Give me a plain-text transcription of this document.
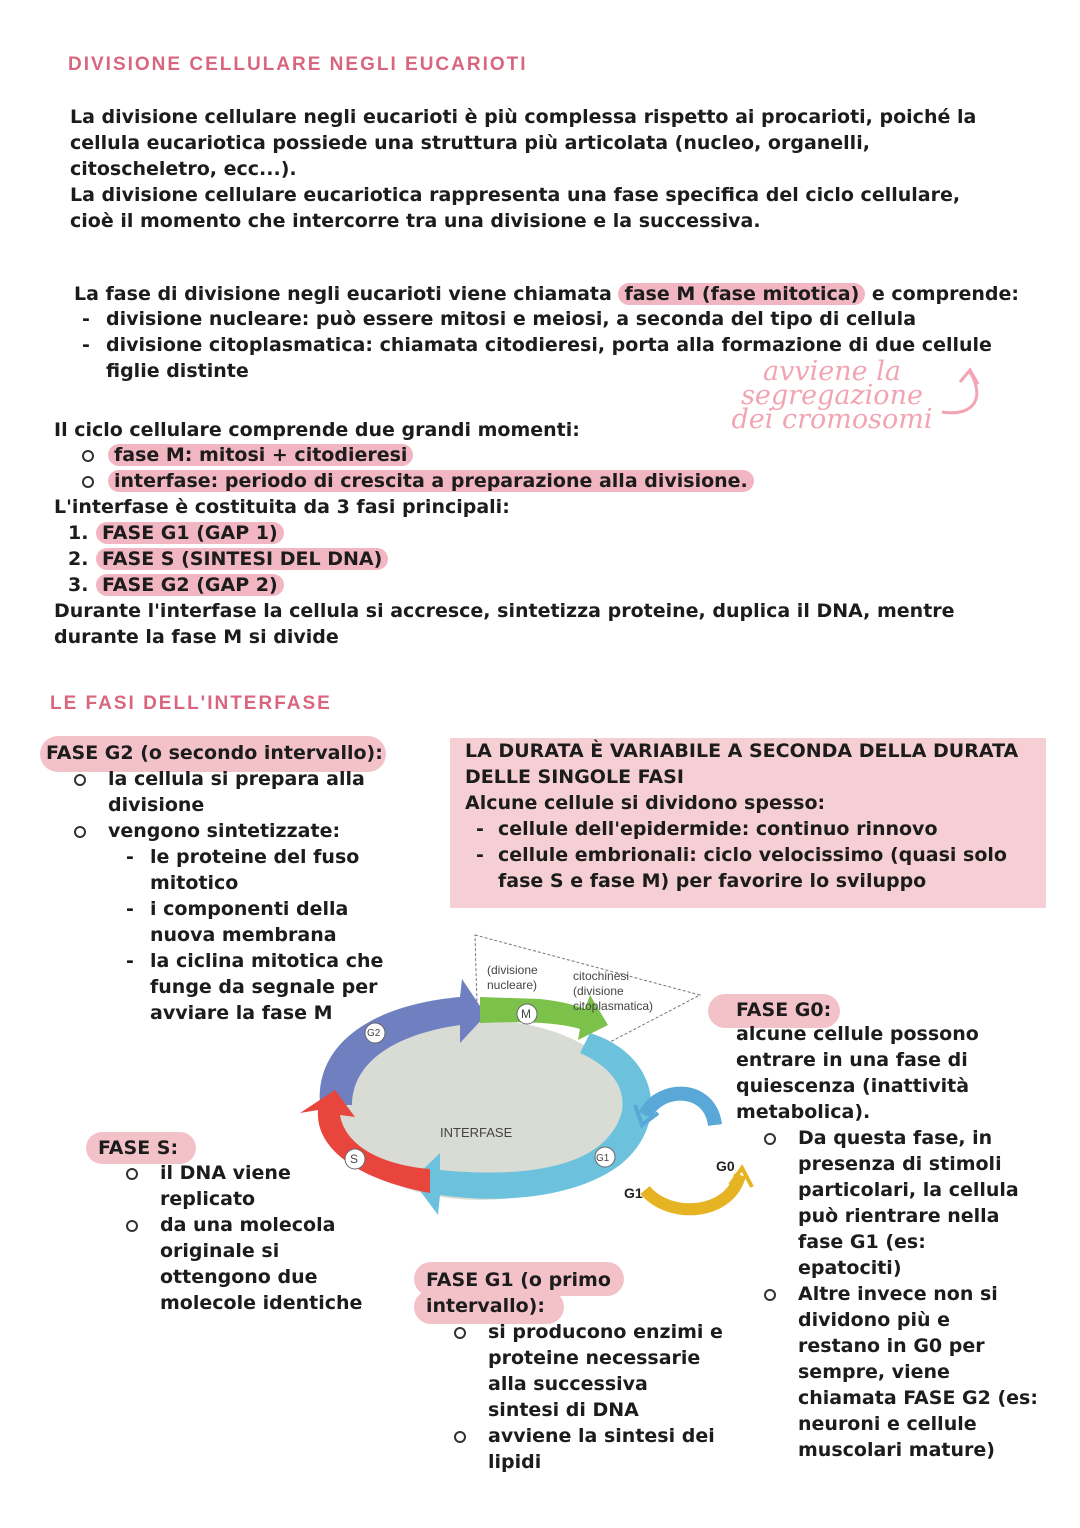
DIVISIONE CELLULARE NEGLI EUCARIOTI
La divisione cellulare negli eucarioti è più complessa rispetto ai procarioti, poiché la
cellula eucariotica possiede una struttura più articolata (nucleo, organelli,
citoscheletro, ecc...).
La divisione cellulare eucariotica rappresenta una fase specifica del ciclo cellulare,
cioè il momento che intercorre tra una divisione e la successiva.
La fase di divisione negli eucarioti viene chiamata fase M (fase mitotica) e comprende:
- divisione nucleare: può essere mitosi e meiosi, a seconda del tipo di cellula
- divisione citoplasmatica: chiamata citodieresi, porta alla formazione di due cellule
figlie distinte	avviene la
segregazione
dei cromosomi
Il ciclo cellulare comprende due grandi momenti:
fase M: mitosi + citodieresi
interfase: periodo di crescita a preparazione alla divisione.
L'interfase è costituita da 3 fasi principali:
1. FASE G1 (GAP 1)
2. FASE S (SINTESI DEL DNA)
3. FASE G2 (GAP 2)
Durante l'interfase la cellula si accresce, sintetizza proteine, duplica il DNA, mentre
durante la fase M si divide
LE FASI DELL'INTERFASE
FASE G2 (o secondo intervallo):
la cellula si prepara alla
divisione
vengono sintetizzate:
- le proteine del fuso
mitotico
- i componenti della
nuova membrana
- la ciclina mitotica che
funge da segnale per
avviare la fase M
LA DURATA È VARIABILE A SECONDA DELLA DURATA
DELLE SINGOLE FASI
Alcune cellule si dividono spesso:
- cellule dell'epidermide: continuo rinnovo
- cellule embrionali: ciclo velocissimo (quasi solo
fase S e fase M) per favorire lo sviluppo
G2
M
S	G1
INTERFASE
(divisione
nucleare)
citochinesi
(divisione
citoplasmatica)
G0
G1
FASE S:
il DNA viene
replicato
da una molecola
originale si
ottengono due
molecole identiche
FASE G1 (o primo
intervallo):
si producono enzimi e
proteine necessarie
alla successiva
sintesi di DNA
avviene la sintesi dei
lipidi
FASE G0:
alcune cellule possono
entrare in una fase di
quiescenza (inattività
metabolica).
Da questa fase, in
presenza di stimoli
particolari, la cellula
può rientrare nella
fase G1 (es:
epatociti)
Altre invece non si
dividono più e
restano in G0 per
sempre, viene
chiamata FASE G2 (es:
neuroni e cellule
muscolari mature)
